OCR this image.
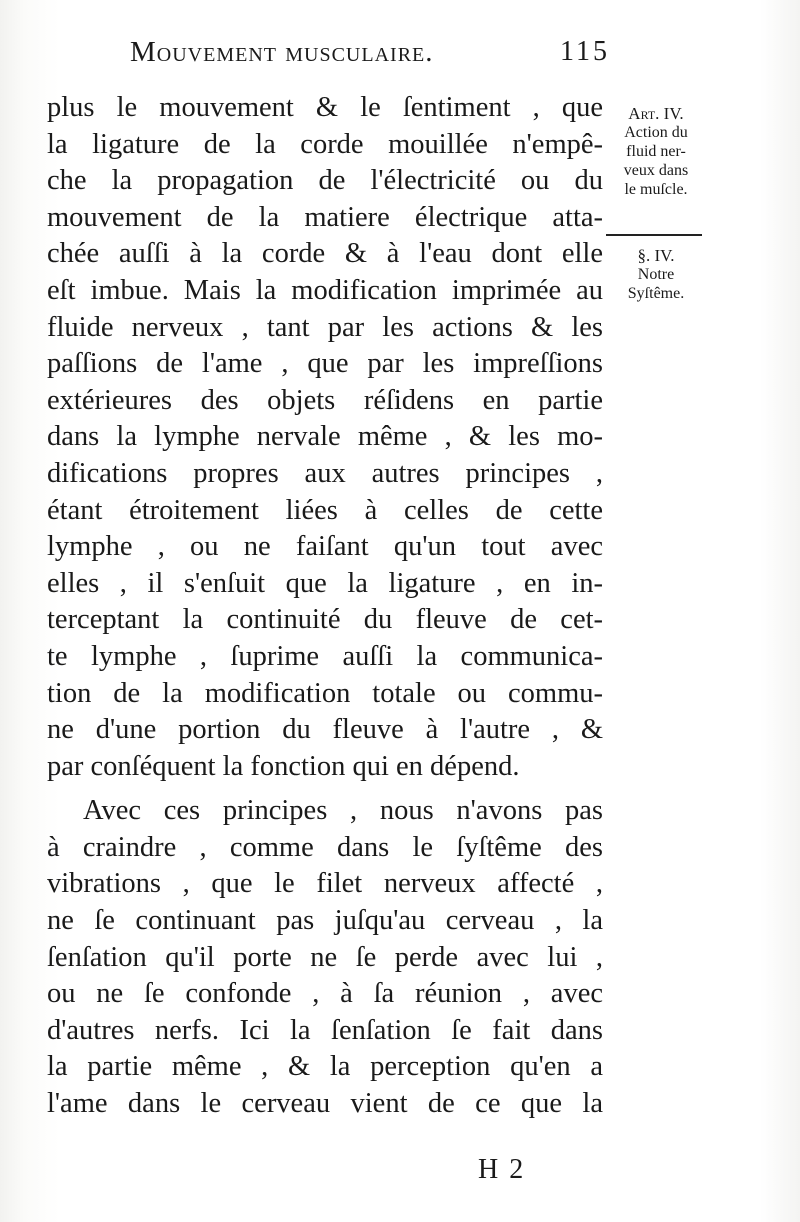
Mouvement musculaire.	115
plus le mouvement & le ſentiment , que
la ligature de la corde mouillée n'empê-
che la propagation de l'électricité ou du
mouvement de la matiere électrique atta-
chée auſſi à la corde & à l'eau dont elle
eſt imbue. Mais la modification imprimée au
fluide nerveux , tant par les actions & les
paſſions de l'ame , que par les impreſſions
extérieures des objets réſidens en partie
dans la lymphe nervale même , & les mo-
difications propres aux autres principes ,
étant étroitement liées à celles de cette
lymphe , ou ne faiſant qu'un tout avec
elles , il s'enſuit que la ligature , en in-
terceptant la continuité du fleuve de cet-
te lymphe , ſuprime auſſi la communica-
tion de la modification totale ou commu-
ne d'une portion du fleuve à l'autre , &
par conſéquent la fonction qui en dépend.
Avec ces principes , nous n'avons pas
à craindre , comme dans le ſyſtême des
vibrations , que le filet nerveux affecté ,
ne ſe continuant pas juſqu'au cerveau , la
ſenſation qu'il porte ne ſe perde avec lui ,
ou ne ſe confonde , à ſa réunion , avec
d'autres nerfs. Ici la ſenſation ſe fait dans
la partie même , & la perception qu'en a
l'ame dans le cerveau vient de ce que la
Art. IV.
Action du
fluid ner-
veux dans
le muſcle.
§. IV.
Notre
Syſtême.
H 2
